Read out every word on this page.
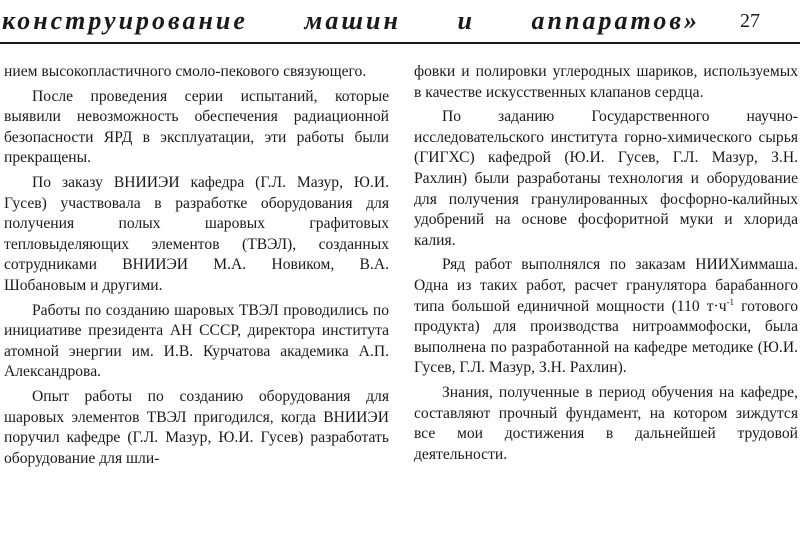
конструирование машин и аппаратов» 27

нием высокопластичного смоло-пекового связующего.

После проведения серии испытаний, которые выявили невозможность обеспечения радиационной безопасности ЯРД в эксплуатации, эти работы были прекращены.

По заказу ВНИИЭИ кафедра (Г.Л. Мазур, Ю.И. Гусев) участвовала в разработке оборудования для получения полых шаровых графитовых тепловыделяющих элементов (ТВЭЛ), созданных сотрудниками ВНИИЭИ М.А. Новиком, В.А. Шобановым и другими.

Работы по созданию шаровых ТВЭЛ проводились по инициативе президента АН СССР, директора института атомной энергии им. И.В. Курчатова академика А.П. Александрова.

Опыт работы по созданию оборудования для шаровых элементов ТВЭЛ пригодился, когда ВНИИЭИ поручил кафедре (Г.Л. Мазур, Ю.И. Гусев) разработать оборудование для шли-

фовки и полировки углеродных шариков, используемых в качестве искусственных клапанов сердца.

По заданию Государственного научно-исследовательского института горно-химического сырья (ГИГХС) кафедрой (Ю.И. Гусев, Г.Л. Мазур, З.Н. Рахлин) были разработаны технология и оборудование для получения гранулированных фосфорно-калийных удобрений на основе фосфоритной муки и хлорида калия.

Ряд работ выполнялся по заказам НИИХиммаша. Одна из таких работ, расчет гранулятора барабанного типа большой единичной мощности (110 $т\cdot ч^{-1}$ готового продукта) для производства нитроаммофоски, была выполнена по разработанной на кафедре методике (Ю.И. Гусев, Г.Л. Мазур, З.Н. Рахлин).

Знания, полученные в период обучения на кафедре, составляют прочный фундамент, на котором зиждутся все мои достижения в дальнейшей трудовой деятельности.
